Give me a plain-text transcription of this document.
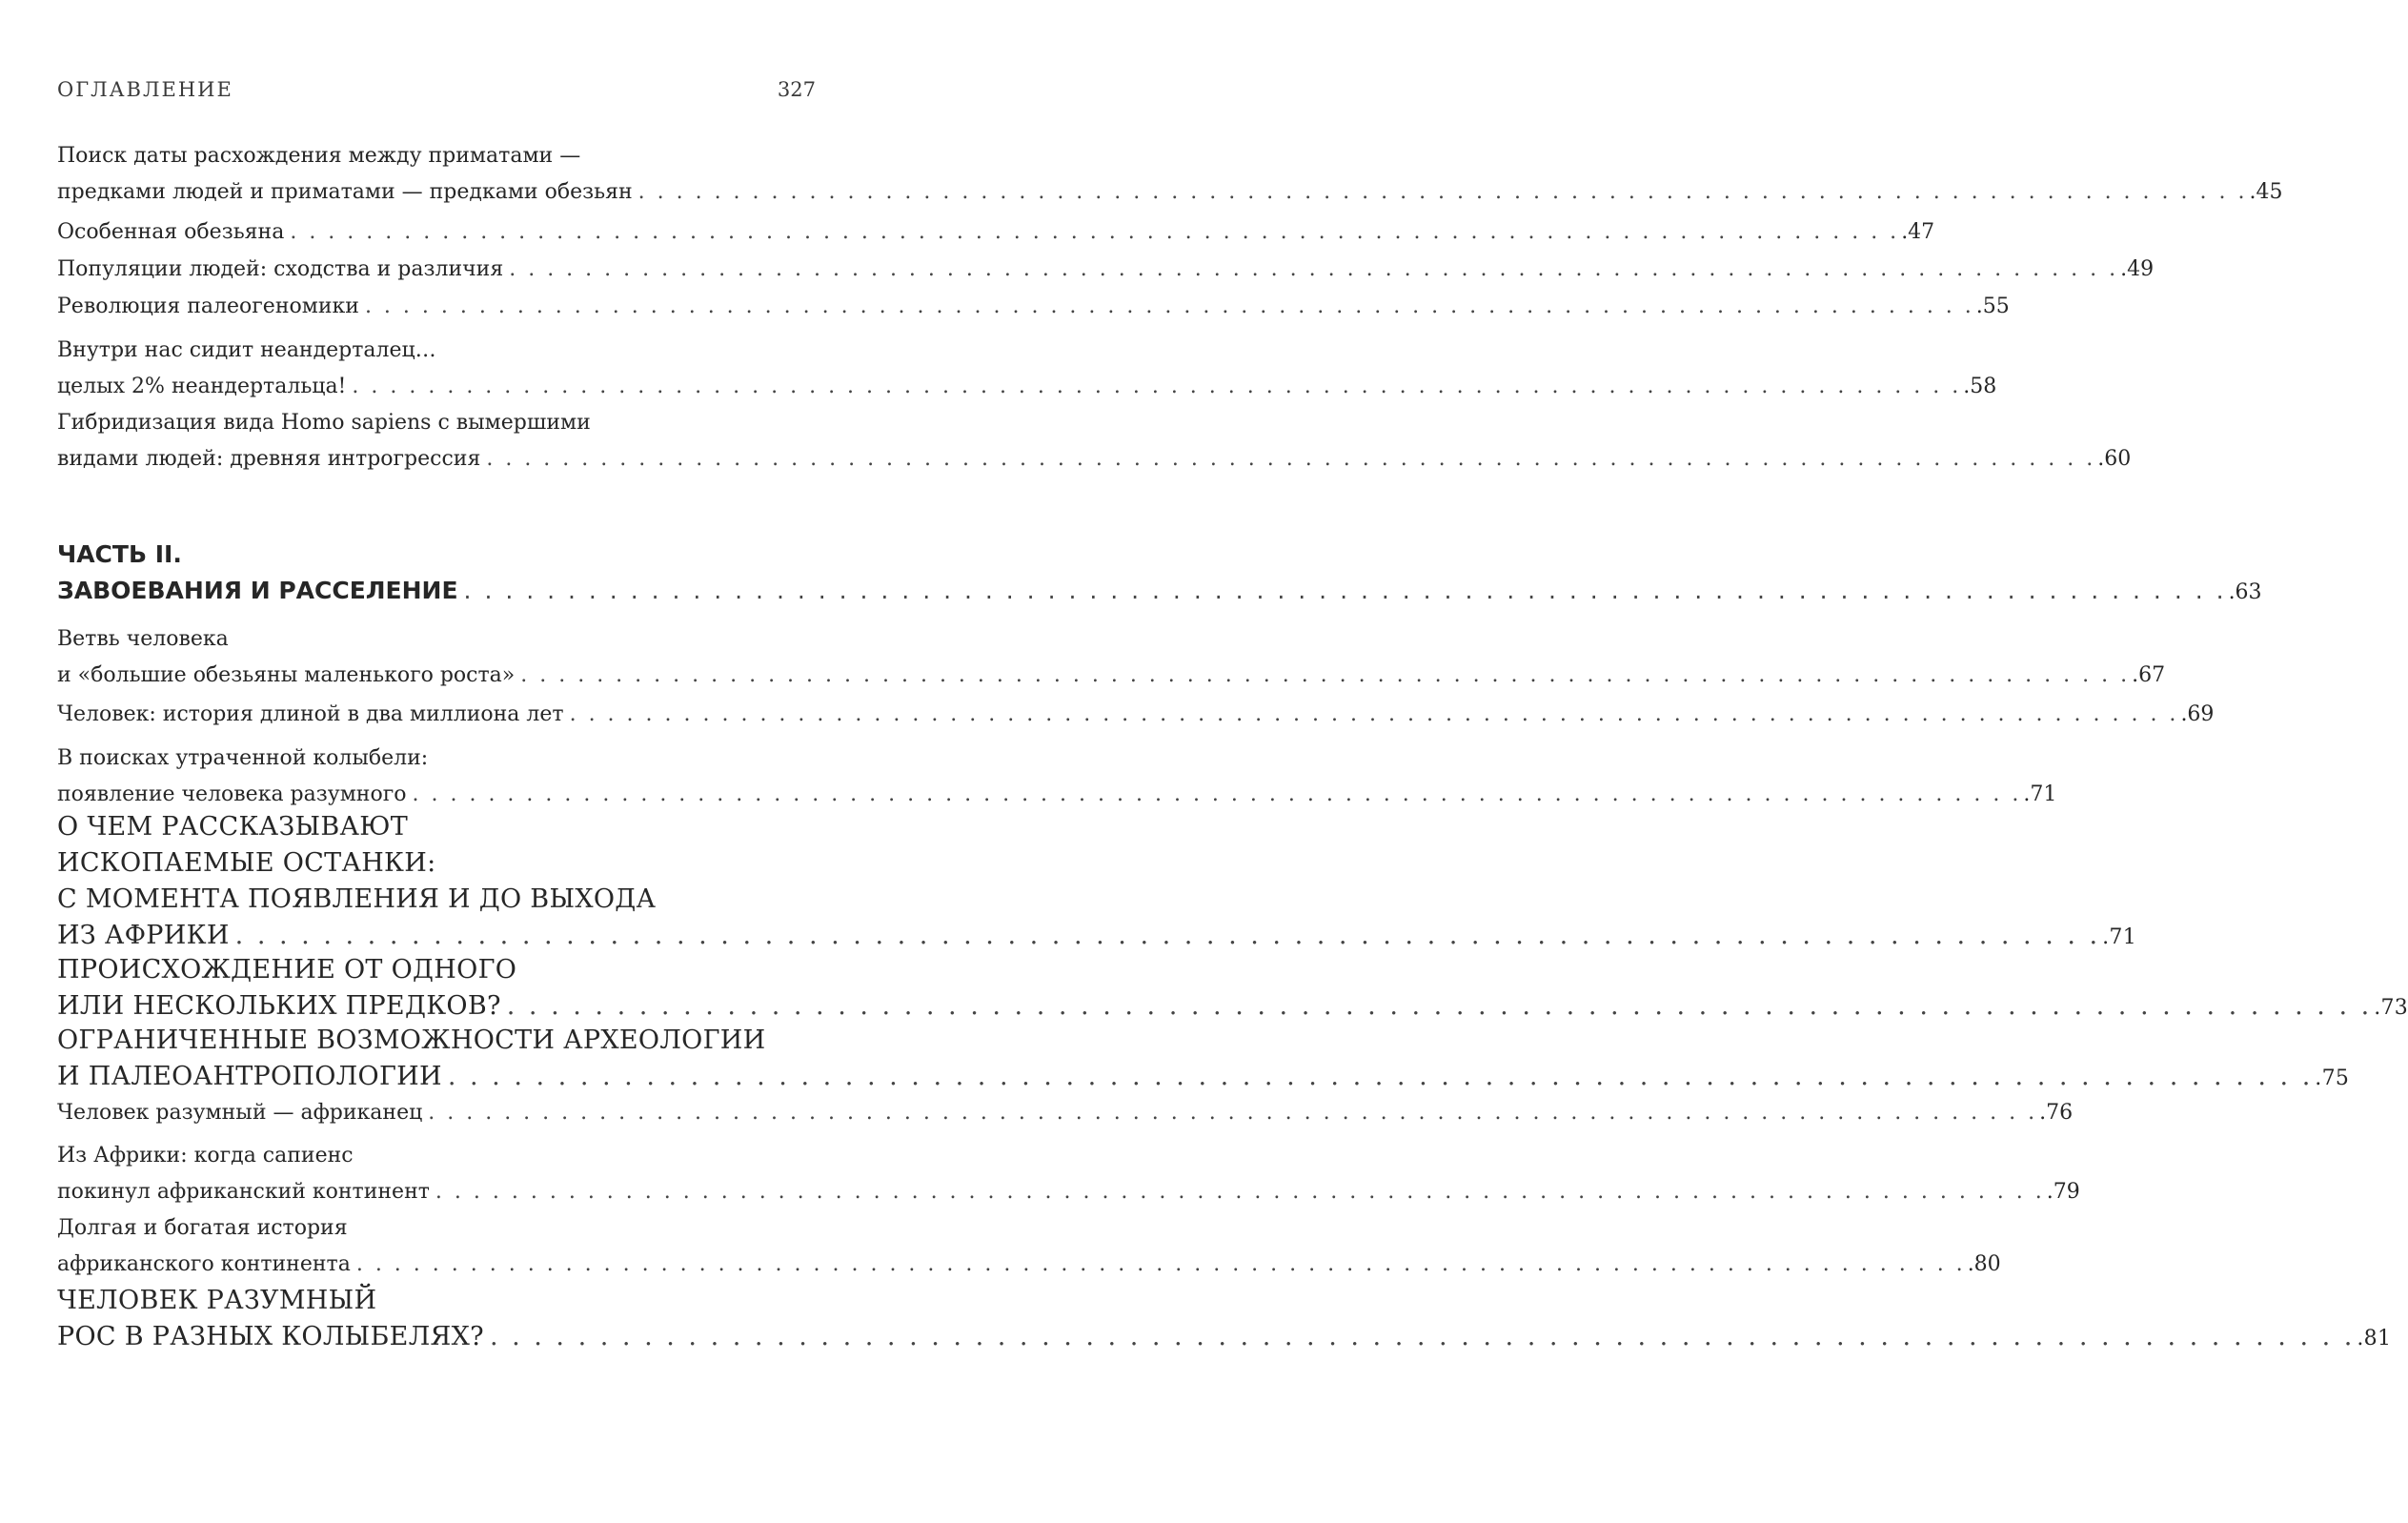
ОГЛАВЛЕНИЕ	327
Поиск даты расхождения между приматами —
предками людей и приматами — предками обезьян . . . . . . . . . . . . . . . . . . . . . . . . . . . . . . . . . . . . . . . . . . . . . . . . . . . . . . . . . . . . . . . . . . . . . . . . . . . . . . . . . . . . . .45
Особенная обезьяна . . . . . . . . . . . . . . . . . . . . . . . . . . . . . . . . . . . . . . . . . . . . . . . . . . . . . . . . . . . . . . . . . . . . . . . . . . . . . . . . . . . . . .47
Популяции людей: сходства и различия . . . . . . . . . . . . . . . . . . . . . . . . . . . . . . . . . . . . . . . . . . . . . . . . . . . . . . . . . . . . . . . . . . . . . . . . . . . . . . . . . . . . . .49
Революция палеогеномики . . . . . . . . . . . . . . . . . . . . . . . . . . . . . . . . . . . . . . . . . . . . . . . . . . . . . . . . . . . . . . . . . . . . . . . . . . . . . . . . . . . . . .55
Внутри нас сидит неандерталец…
целых 2% неандертальца! . . . . . . . . . . . . . . . . . . . . . . . . . . . . . . . . . . . . . . . . . . . . . . . . . . . . . . . . . . . . . . . . . . . . . . . . . . . . . . . . . . . . . .58
Гибридизация вида Homo sapiens с вымершими
видами людей: древняя интрогрессия . . . . . . . . . . . . . . . . . . . . . . . . . . . . . . . . . . . . . . . . . . . . . . . . . . . . . . . . . . . . . . . . . . . . . . . . . . . . . . . . . . . . . .60
ЧАСТЬ II.
ЗАВОЕВАНИЯ И РАССЕЛЕНИЕ . . . . . . . . . . . . . . . . . . . . . . . . . . . . . . . . . . . . . . . . . . . . . . . . . . . . . . . . . . . . . . . . . . . . . . . . . . . . . . . . . . . . . .63
Ветвь человека
и «большие обезьяны маленького роста» . . . . . . . . . . . . . . . . . . . . . . . . . . . . . . . . . . . . . . . . . . . . . . . . . . . . . . . . . . . . . . . . . . . . . . . . . . . . . . . . . . . . . .67
Человек: история длиной в два миллиона лет . . . . . . . . . . . . . . . . . . . . . . . . . . . . . . . . . . . . . . . . . . . . . . . . . . . . . . . . . . . . . . . . . . . . . . . . . . . . . . . . . . . . . .69
В поисках утраченной колыбели:
появление человека разумного . . . . . . . . . . . . . . . . . . . . . . . . . . . . . . . . . . . . . . . . . . . . . . . . . . . . . . . . . . . . . . . . . . . . . . . . . . . . . . . . . . . . . .71
О ЧЕМ РАССКАЗЫВАЮТ
ИСКОПАЕМЫЕ ОСТАНКИ:
С МОМЕНТА ПОЯВЛЕНИЯ И ДО ВЫХОДА
ИЗ АФРИКИ . . . . . . . . . . . . . . . . . . . . . . . . . . . . . . . . . . . . . . . . . . . . . . . . . . . . . . . . . . . . . . . . . . . . . . . . . . . . . . . . . . . . . .71
ПРОИСХОЖДЕНИЕ ОТ ОДНОГО
ИЛИ НЕСКОЛЬКИХ ПРЕДКОВ? . . . . . . . . . . . . . . . . . . . . . . . . . . . . . . . . . . . . . . . . . . . . . . . . . . . . . . . . . . . . . . . . . . . . . . . . . . . . . . . . . . . . . .73
ОГРАНИЧЕННЫЕ ВОЗМОЖНОСТИ АРХЕОЛОГИИ
И ПАЛЕОАНТРОПОЛОГИИ . . . . . . . . . . . . . . . . . . . . . . . . . . . . . . . . . . . . . . . . . . . . . . . . . . . . . . . . . . . . . . . . . . . . . . . . . . . . . . . . . . . . . .75
Человек разумный — африканец . . . . . . . . . . . . . . . . . . . . . . . . . . . . . . . . . . . . . . . . . . . . . . . . . . . . . . . . . . . . . . . . . . . . . . . . . . . . . . . . . . . . . .76
Из Африки: когда сапиенс
покинул африканский континент . . . . . . . . . . . . . . . . . . . . . . . . . . . . . . . . . . . . . . . . . . . . . . . . . . . . . . . . . . . . . . . . . . . . . . . . . . . . . . . . . . . . . .79
Долгая и богатая история
африканского континента . . . . . . . . . . . . . . . . . . . . . . . . . . . . . . . . . . . . . . . . . . . . . . . . . . . . . . . . . . . . . . . . . . . . . . . . . . . . . . . . . . . . . .80
ЧЕЛОВЕК РАЗУМНЫЙ
РОС В РАЗНЫХ КОЛЫБЕЛЯХ? . . . . . . . . . . . . . . . . . . . . . . . . . . . . . . . . . . . . . . . . . . . . . . . . . . . . . . . . . . . . . . . . . . . . . . . . . . . . . . . . . . . . . .81
